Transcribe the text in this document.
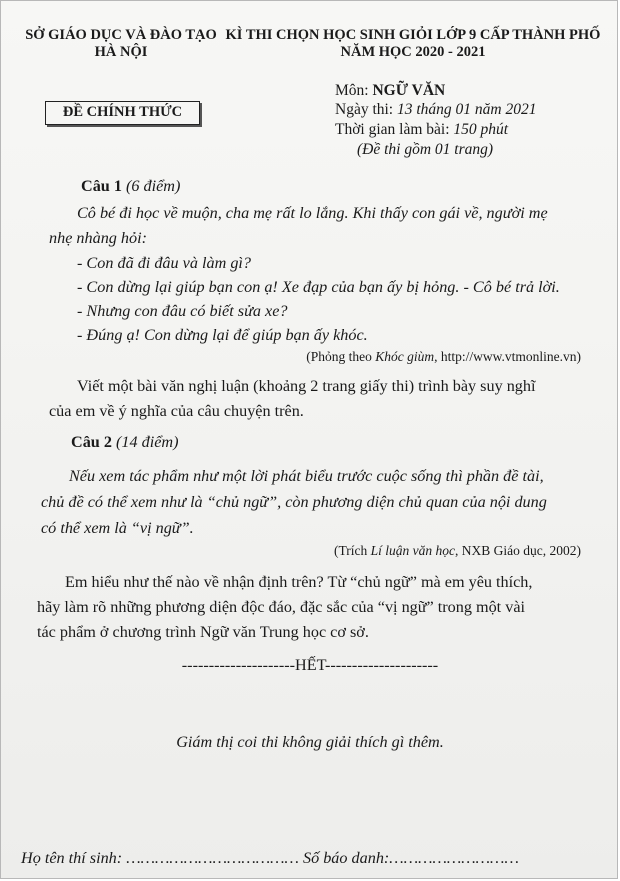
SỞ GIÁO DỤC VÀ ĐÀO TẠO
HÀ NỘI
KÌ THI CHỌN HỌC SINH GIỎI LỚP 9 CẤP THÀNH PHỐ
NĂM HỌC 2020 - 2021
ĐỀ CHÍNH THỨC
Môn: NGỮ VĂN
Ngày thi: 13 tháng 01 năm 2021
Thời gian làm bài: 150 phút
(Đề thi gồm 01 trang)
Câu 1 (6 điểm)
Cô bé đi học về muộn, cha mẹ rất lo lắng. Khi thấy con gái về, người mẹ
nhẹ nhàng hỏi:
- Con đã đi đâu và làm gì?
- Con dừng lại giúp bạn con ạ! Xe đạp của bạn ấy bị hỏng. - Cô bé trả lời.
- Nhưng con đâu có biết sửa xe?
- Đúng ạ! Con dừng lại để giúp bạn ấy khóc.
(Phỏng theo Khóc giùm, http://www.vtmonline.vn)
Viết một bài văn nghị luận (khoảng 2 trang giấy thi) trình bày suy nghĩ
của em về ý nghĩa của câu chuyện trên.
Câu 2 (14 điểm)
Nếu xem tác phẩm như một lời phát biểu trước cuộc sống thì phần đề tài,
chủ đề có thể xem như là “chủ ngữ”, còn phương diện chủ quan của nội dung
có thể xem là “vị ngữ”.
(Trích Lí luận văn học, NXB Giáo dục, 2002)
Em hiểu như thế nào về nhận định trên? Từ “chủ ngữ” mà em yêu thích,
hãy làm rõ những phương diện độc đáo, đặc sắc của “vị ngữ” trong một vài
tác phẩm ở chương trình Ngữ văn Trung học cơ sở.
---------------------HẾT---------------------
Giám thị coi thi không giải thích gì thêm.
Họ tên thí sinh: ……………………………… Số báo danh:………………………
